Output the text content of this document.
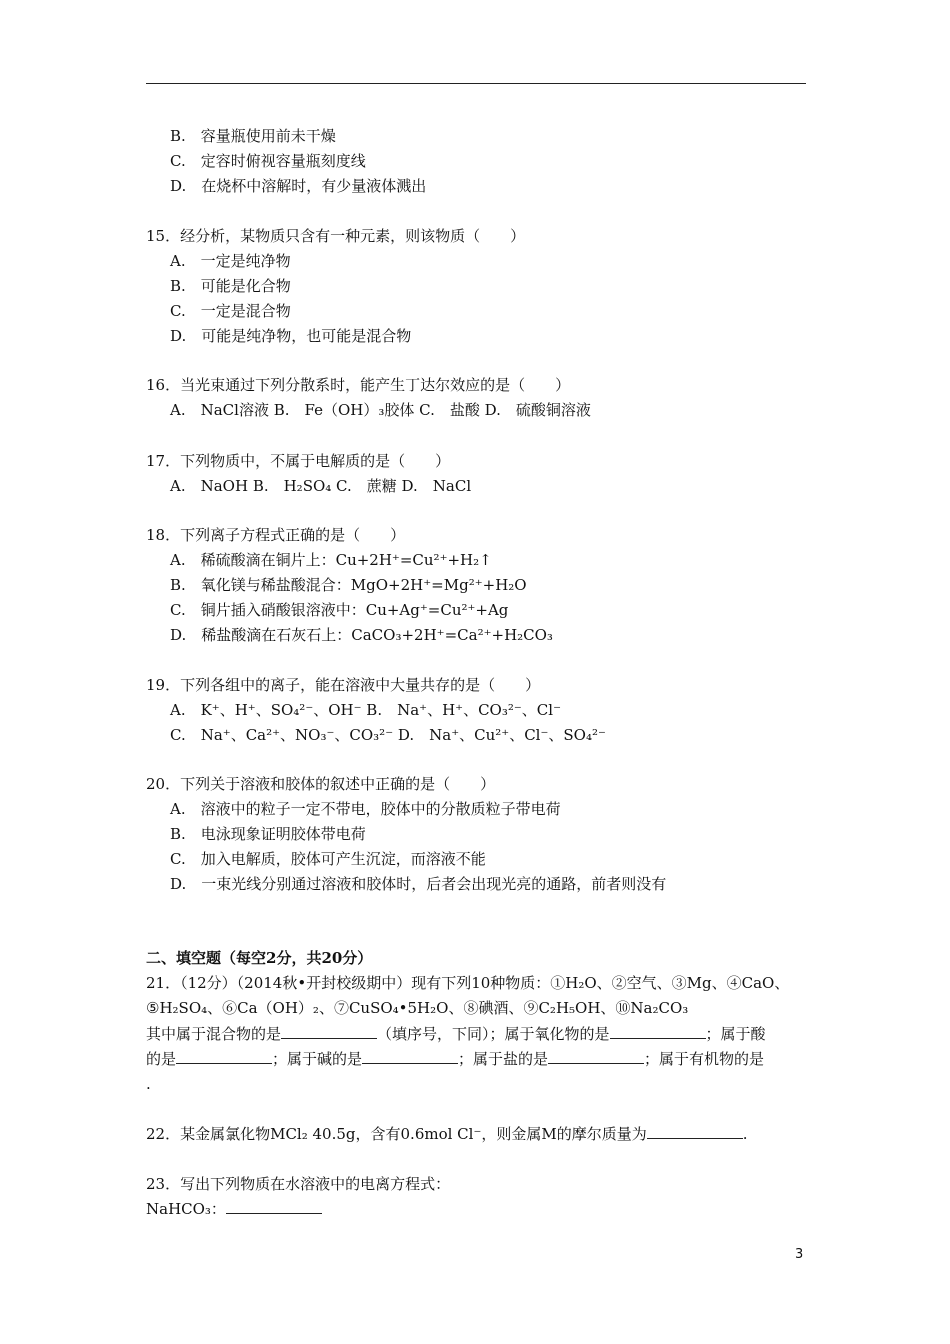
B.　容量瓶使用前未干燥
C.　定容时俯视容量瓶刻度线
D.　在烧杯中溶解时，有少量液体溅出
15．经分析，某物质只含有一种元素，则该物质（　　）
A.　一定是纯净物
B.　可能是化合物
C.　一定是混合物
D.　可能是纯净物，也可能是混合物
16．当光束通过下列分散系时，能产生丁达尔效应的是（　　）
A.　NaCl溶液 B.　Fe（OH）₃胶体 C.　盐酸 D.　硫酸铜溶液
17．下列物质中，不属于电解质的是（　　）
A.　NaOH B.　H₂SO₄ C.　蔗糖 D.　NaCl
18．下列离子方程式正确的是（　　）
A.　稀硫酸滴在铜片上：Cu+2H⁺=Cu²⁺+H₂↑
B.　氧化镁与稀盐酸混合：MgO+2H⁺=Mg²⁺+H₂O
C.　铜片插入硝酸银溶液中：Cu+Ag⁺=Cu²⁺+Ag
D.　稀盐酸滴在石灰石上：CaCO₃+2H⁺=Ca²⁺+H₂CO₃
19．下列各组中的离子，能在溶液中大量共存的是（　　）
A.　K⁺、H⁺、SO₄²⁻、OH⁻ B.　Na⁺、H⁺、CO₃²⁻、Cl⁻
C.　Na⁺、Ca²⁺、NO₃⁻、CO₃²⁻ D.　Na⁺、Cu²⁺、Cl⁻、SO₄²⁻
20．下列关于溶液和胶体的叙述中正确的是（　　）
A.　溶液中的粒子一定不带电，胶体中的分散质粒子带电荷
B.　电泳现象证明胶体带电荷
C.　加入电解质，胶体可产生沉淀，而溶液不能
D.　一束光线分别通过溶液和胶体时，后者会出现光亮的通路，前者则没有
二、填空题（每空2分，共20分）
21．（12分）（2014秋•开封校级期中）现有下列10种物质：①H₂O、②空气、③Mg、④CaO、
⑤H₂SO₄、⑥Ca（OH）₂、⑦CuSO₄•5H₂O、⑧碘酒、⑨C₂H₅OH、⑩Na₂CO₃
其中属于混合物的是	（填序号，下同）；属于氧化物的是	；属于酸
的是	；属于碱的是	；属于盐的是	；属于有机物的是
.
22．某金属氯化物MCl₂ 40.5g，含有0.6mol Cl⁻，则金属M的摩尔质量为	.
23．写出下列物质在水溶液中的电离方程式：
NaHCO₃：
3
